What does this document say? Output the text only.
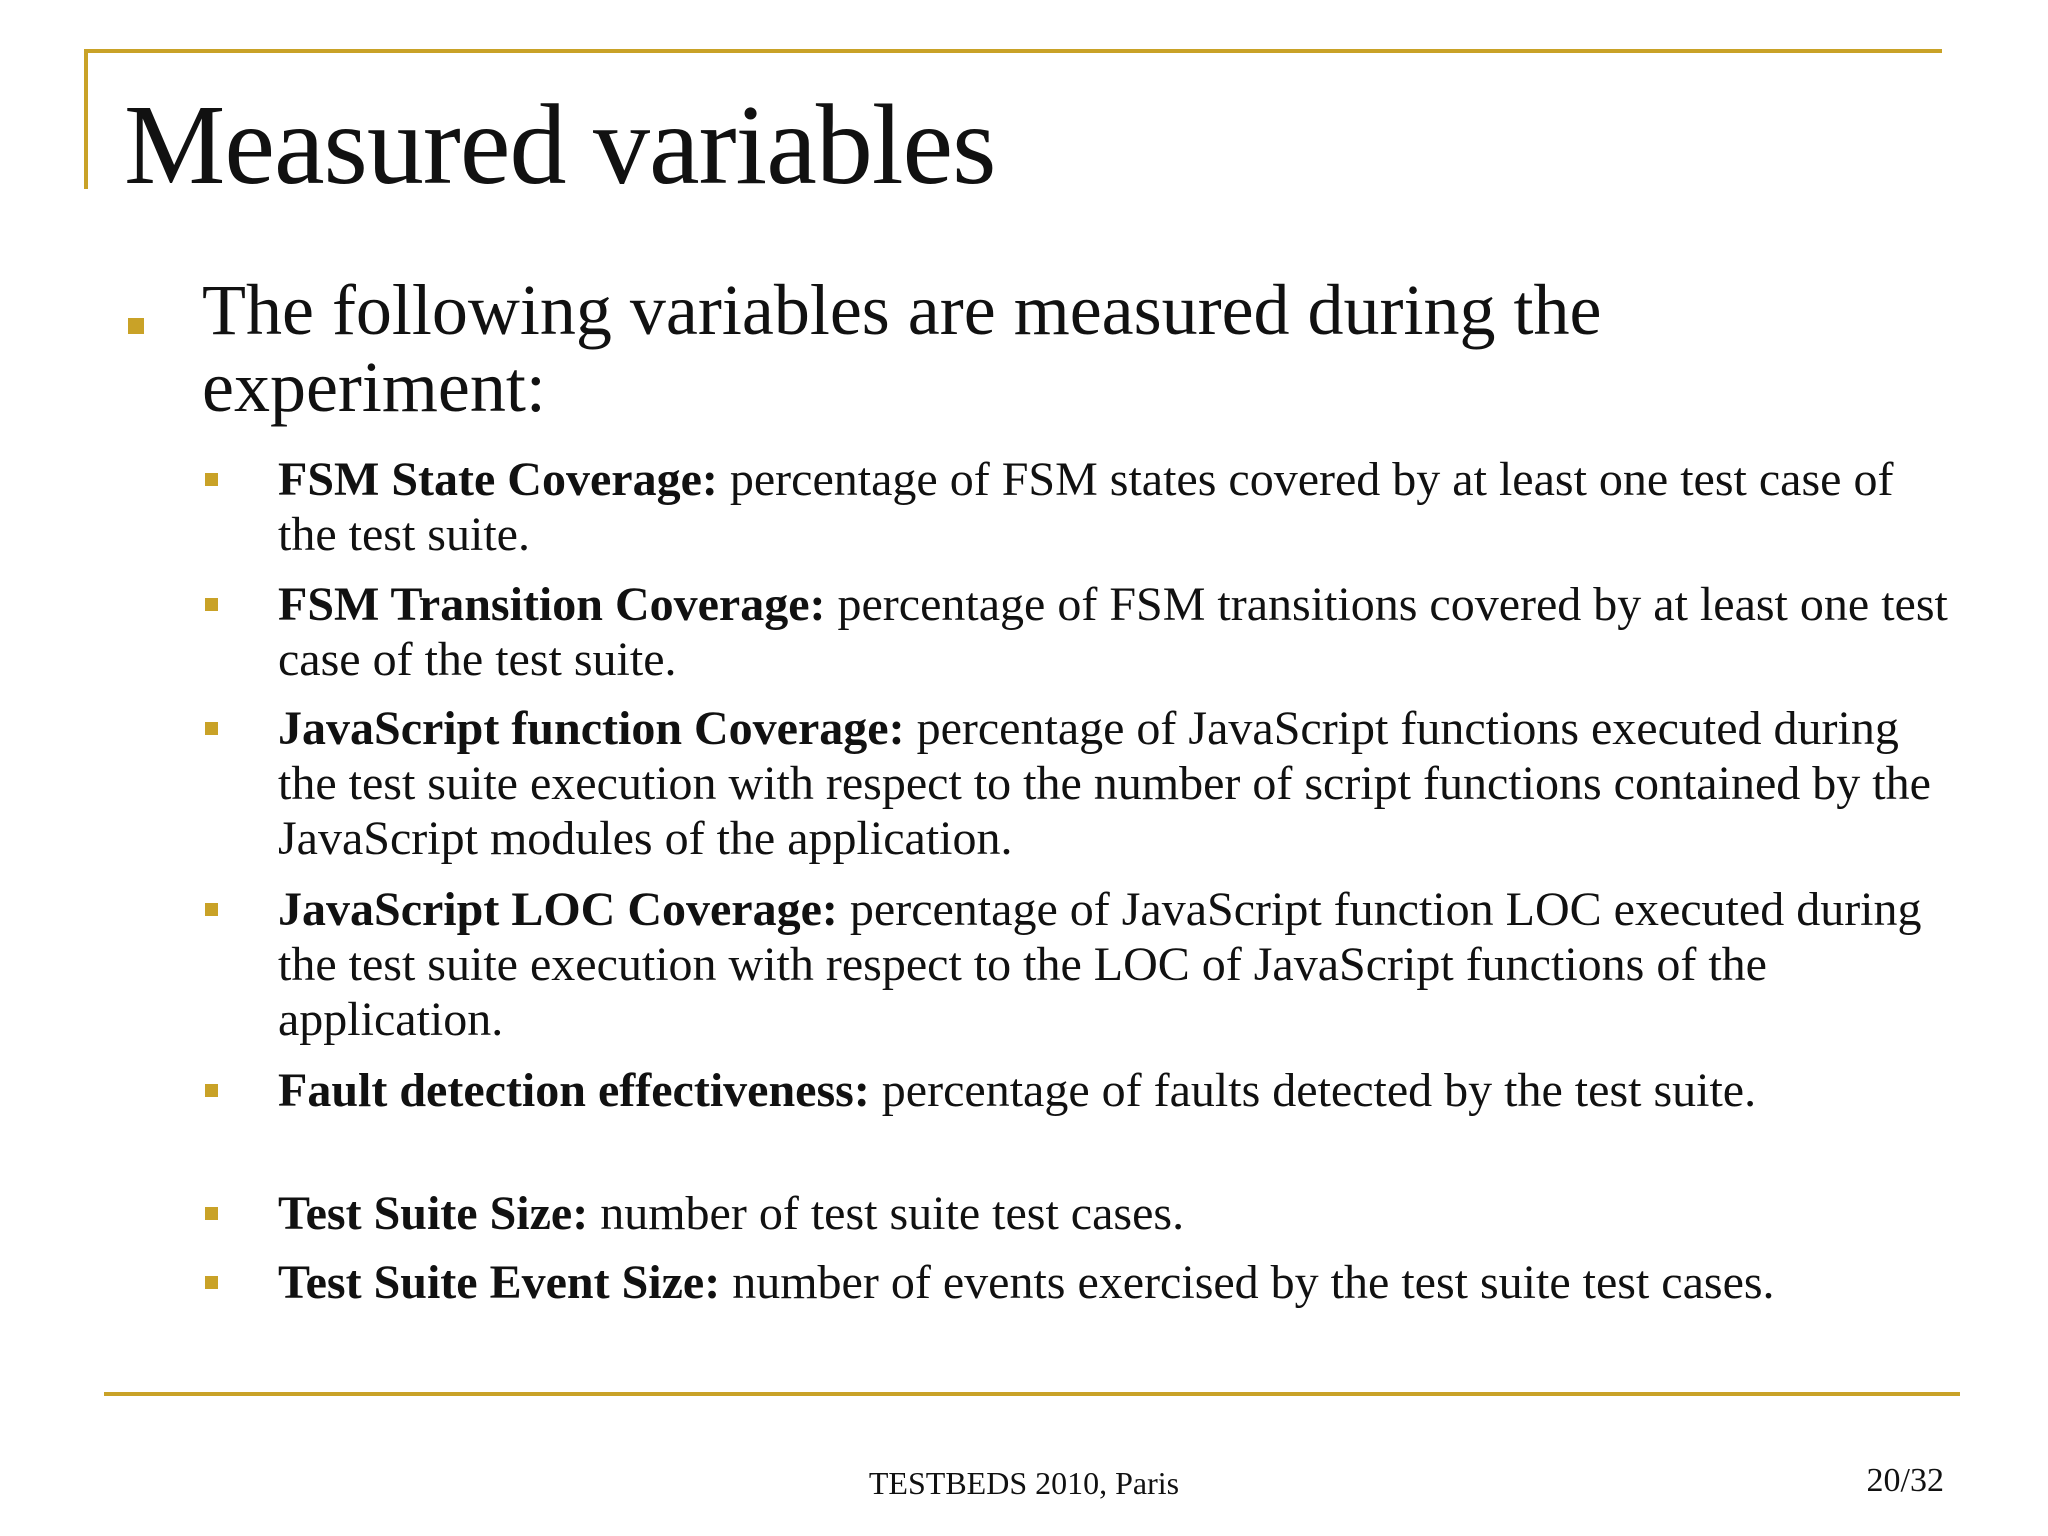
Measured variables
The following variables are measured during the experiment:
FSM State Coverage: percentage of FSM states covered by at least one test case of the test suite.
FSM Transition Coverage: percentage of FSM transitions covered by at least one test case of the test suite.
JavaScript function Coverage: percentage of JavaScript functions executed during the test suite execution with respect to the number of script functions contained by the JavaScript modules of the application.
JavaScript LOC Coverage: percentage of JavaScript function LOC executed during the test suite execution with respect to the LOC of JavaScript functions of the application.
Fault detection effectiveness: percentage of faults detected by the test suite.
Test Suite Size: number of test suite test cases.
Test Suite Event Size: number of events exercised by the test suite test cases.
TESTBEDS 2010, Paris	20/32
